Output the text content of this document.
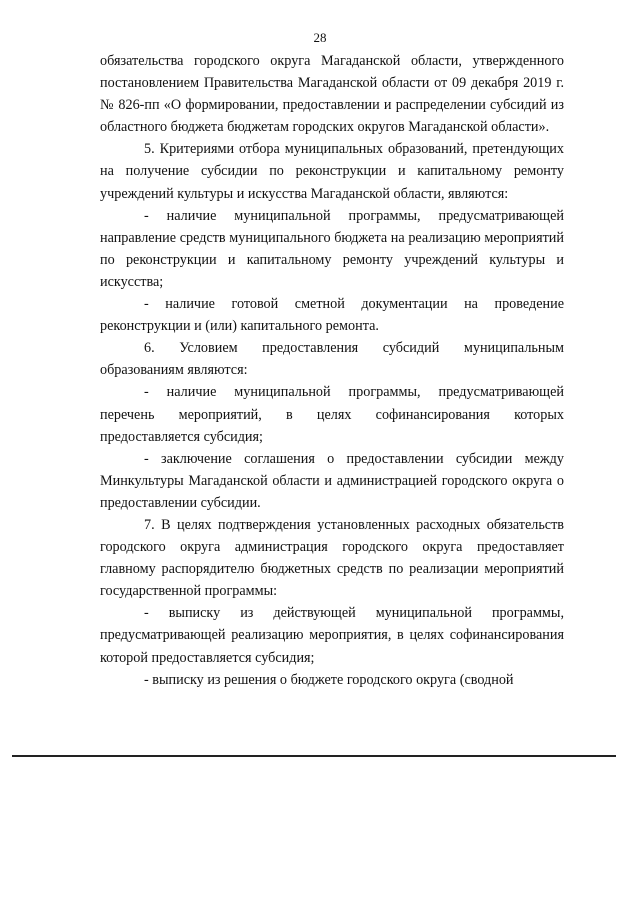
28

обязательства городского округа Магаданской области, утвержденного постановлением Правительства Магаданской области от 09 декабря 2019 г. № 826-пп «О формировании, предоставлении и распределении субсидий из областного бюджета бюджетам городских округов Магаданской области».

5. Критериями отбора муниципальных образований, претендующих на получение субсидии по реконструкции и капитальному ремонту учреждений культуры и искусства Магаданской области, являются:

- наличие муниципальной программы, предусматривающей направление средств муниципального бюджета на реализацию мероприятий по реконструкции и капитальному ремонту учреждений культуры и искусства;

- наличие готовой сметной документации на проведение реконструкции и (или) капитального ремонта.

6. Условием предоставления субсидий муниципальным образованиям являются:

- наличие муниципальной программы, предусматривающей перечень мероприятий, в целях софинансирования которых предоставляется субсидия;

- заключение соглашения о предоставлении субсидии между Минкультуры Магаданской области и администрацией городского округа о предоставлении субсидии.

7. В целях подтверждения установленных расходных обязательств городского округа администрация городского округа предоставляет главному распорядителю бюджетных средств по реализации мероприятий государственной программы:

- выписку из действующей муниципальной программы, предусматривающей реализацию мероприятия, в целях софинансирования которой предоставляется субсидия;

- выписку из решения о бюджете городского округа (сводной
